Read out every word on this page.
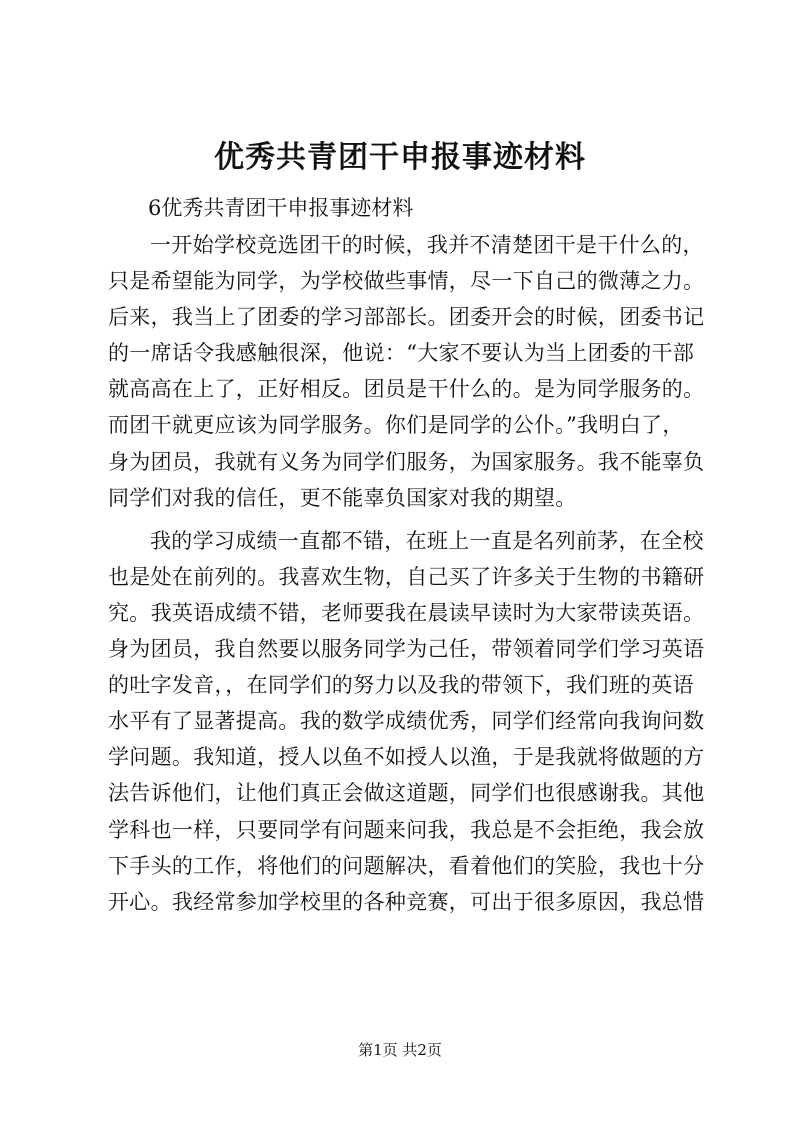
优秀共青团干申报事迹材料
6优秀共青团干申报事迹材料
一开始学校竞选团干的时候，我并不清楚团干是干什么的，
只是希望能为同学，为学校做些事情，尽一下自己的微薄之力。
后来，我当上了团委的学习部部长。团委开会的时候，团委书记
的一席话令我感触很深，他说：“大家不要认为当上团委的干部
就高高在上了，正好相反。团员是干什么的。是为同学服务的。
而团干就更应该为同学服务。你们是同学的公仆。”我明白了，
身为团员，我就有义务为同学们服务，为国家服务。我不能辜负
同学们对我的信任，更不能辜负国家对我的期望。
我的学习成绩一直都不错，在班上一直是名列前茅，在全校
也是处在前列的。我喜欢生物，自己买了许多关于生物的书籍研
究。我英语成绩不错，老师要我在晨读早读时为大家带读英语。
身为团员，我自然要以服务同学为己任，带领着同学们学习英语
的吐字发音，，在同学们的努力以及我的带领下，我们班的英语
水平有了显著提高。我的数学成绩优秀，同学们经常向我询问数
学问题。我知道，授人以鱼不如授人以渔，于是我就将做题的方
法告诉他们，让他们真正会做这道题，同学们也很感谢我。其他
学科也一样，只要同学有问题来问我，我总是不会拒绝，我会放
下手头的工作，将他们的问题解决，看着他们的笑脸，我也十分
开心。我经常参加学校里的各种竞赛，可出于很多原因，我总惜
第1页 共2页
